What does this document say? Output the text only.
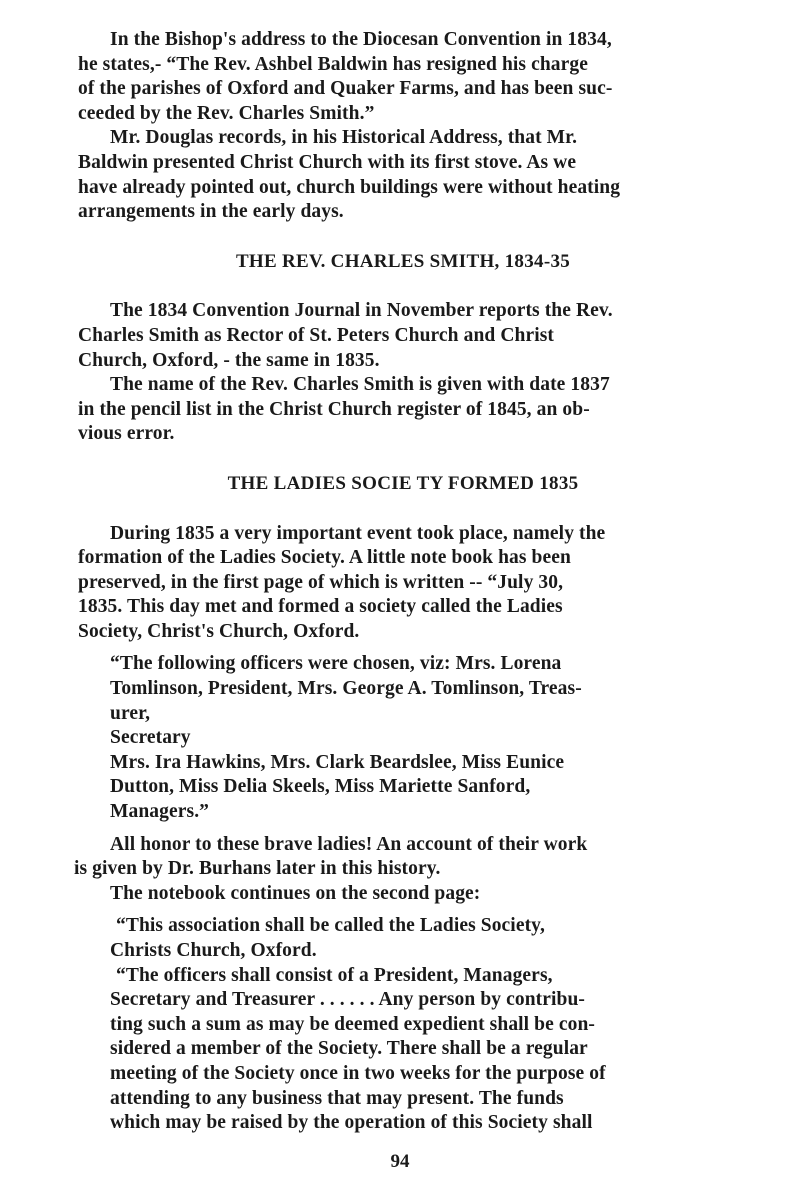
In the Bishop's address to the Diocesan Convention in 1834,
he states,- “The Rev. Ashbel Baldwin has resigned his charge
of the parishes of Oxford and Quaker Farms, and has been suc-
ceeded by the Rev. Charles Smith.”
Mr. Douglas records, in his Historical Address, that Mr.
Baldwin presented Christ Church with its first stove. As we
have already pointed out, church buildings were without heating
arrangements in the early days.
THE REV. CHARLES SMITH, 1834-35
The 1834 Convention Journal in November reports the Rev.
Charles Smith as Rector of St. Peters Church and Christ
Church, Oxford, - the same in 1835.
The name of the Rev. Charles Smith is given with date 1837
in the pencil list in the Christ Church register of 1845, an ob-
vious error.
THE LADIES SOCIE TY FORMED 1835
During 1835 a very important event took place, namely the
formation of the Ladies Society. A little note book has been
preserved, in the first page of which is written -- “July 30,
1835. This day met and formed a society called the Ladies
Society, Christ's Church, Oxford.
“The following officers were chosen, viz: Mrs. Lorena
Tomlinson, President, Mrs. George A. Tomlinson, Treas-
urer,
Secretary
Mrs. Ira Hawkins, Mrs. Clark Beardslee, Miss Eunice
Dutton, Miss Delia Skeels, Miss Mariette Sanford,
Managers.”
All honor to these brave ladies! An account of their work
is given by Dr. Burhans later in this history.
The notebook continues on the second page:
“This association shall be called the Ladies Society,
Christs Church, Oxford.
“The officers shall consist of a President, Managers,
Secretary and Treasurer . . . . . . Any person by contribu-
ting such a sum as may be deemed expedient shall be con-
sidered a member of the Society. There shall be a regular
meeting of the Society once in two weeks for the purpose of
attending to any business that may present. The funds
which may be raised by the operation of this Society shall
94
